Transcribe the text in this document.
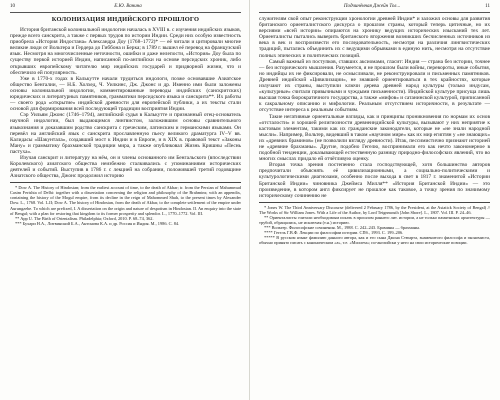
10	Е.Ю. Ванина
КОЛОНИЗАЦИЯ ИНДИЙСКОГО ПРОШЛОГО

История британской колониальной индологии началась в XVIII в. с изучения индийских языков, прежде всего санскрита, а также с первых трудов по истории Индии. Среди них особую известность приобрела «История Индостана» Александра Доу (1768–1772)* — её читали и цитировали многие великие люди от Вольтера и Гердера до Гиббона и Берка; в 1789 г. вышел её перевод на французский язык. Несмотря на многочисленные неточности, ошибки и даже нелепости, «История» Доу была по существу первой историей Индии, написанной по-английски на основе персидских хроник, либо открывших европейскому читателю мир индийских государей и придворной жизни, что и обеспечило ей популярность.

Уже в 1770-х годах в Калькутте начали трудиться индологи, позже основавшие Азиатское общество Бенгалии, — Н.Б. Холхед, Ч. Уилкинс, Дж. Джонс и др. Именно ими были заложены основы колониальной индологии, комментированные переводы индийских (санскритских) юридических и литературных памятников, грамматики персидского языка и санскрита**. Их работы — своего рода «открытие» индийской древности для европейской публики, а их тексты стали основой для формирования всей последующей традиции восприятия Индии.

Сэр Уильям Джонс (1746–1794), английский судья в Калькутте и признанный отец-основатель научной индологии, был выдающимся лингвистом, заложившим основы сравнительного языкознания и доказавшим родство санскрита с греческим, латинским и германскими языками. Он перевёл на английский язык с санскрита прославленную пьесу великого драматурга IV–V вв. Калидасы «Шакунтала», создавший мост к Индии и в Европе, и в XIX в. правовой текст «Законы Ману» и грамматику брахманской традиции мира, а также опубликовал Жизнь Кришны «Песнь пастуха».

Изучая санскрит и литературу на нём, он и члены основанного им Бенгальского (впоследствии Королевского) азиатского общества неизбежно сталкивались с упоминаниями исторических деятелей и событий. Выступив в 1786 г. с лекцией на собрании, положившей третий годовщине Азиатского общества, Джонс продолжил историю

* Dow A. The History of Hindostan; from the earliest account of time, to the death of Akbar; tr. from the Persian of Mahummud Casim Ferishta of Delhi: together with a dissertation concerning the religion and philosophy of the Brahmins; with an appendix, containing the history of the Mogul empire, from its decline in the reign of Mahommed Shah, to the present times by Alexander Dow. L., 1768. Vol. I–II; Dow A. The history of Hindostan, from the death of Akbar, to the complete settlement of the empire under Aurungzebe. To which are prefixed, I. A dissertation on the origin and nature of despotism in Hindostan. II. An enquiry into the state of Bengal; with a plan for restoring that kingdom to its former prosperity and splendor. L., 1770–1772. Vol. III.

** App U. The Birth of Orientalism. Philadelphia; Oxford, 2010. P. 68–74, 362.

*** Бухари Н.А., Литвинский Б.А., Антонова К.А. и др. Россия и Индия. М., 1986. С. 84.

Подчинённая Джейн Тол...	11

служителям свой опыт реконструкции хронологии древней Индии* и заложил основы для развития британского ориенталистского дискурса о прошлом страны, который теперь цитичные, но их версиями «всей истории» опираются на хронику ведущих исторических изысканий тех лет. Ориенталисты пытались выверить британского вторжения возникших бесчисленных источников из века в век и воспроизвести его последовательность, несмотря на различия лингвистических традиций, пытались объединить их с ведущими обрывками в единую нить, несмотря на отсутствие полных эпических и политических позиций.

Самый важный из поступков, ставших аксиомами, гласит: Индия — страна без истории, точнее — без исторического мышления. Разумеется, я не прошлом были войны, перевороты, иные события, но индийцы их не фиксировали, не осмысливали, не реконструировали и письменных памятников. Древней индийской «Цивилизации», не знавшей ориентироваться в тех крайностях, которые излучают их страны, выступили ключи дерева древней народ культуры (только индусам, «культурные» считали привычными и чуждыми письменности). Индийской культуре присуща лишь высшая точка бюрократичного государства, а также «мифов» и сатанинской культурой, приписанной к сакральному описанию и мифологии. Реальным отсутствием историчности, в результате — отсутствие интереса к реальным событиям.

Такие негативные ориентальные взгляды, как и принципы проникновения по нормам их основ «отсталости» и хорошей религиозности древнеиндийской культуры, вызывают у них неприятие к кастовым элементам, такими как их гражданские законодатели, которые не «не знали народной мысли». Например, Вольтер, видевший в таком «научном мире» как их мир египтян у «не знающих» их «древних браминов» (не позволили взгляду древности). Итак, пессимистично признают историей не «древние брахманы». Другие, подобно Гегелю, воспринимали его как нечто закономерное в подобной тенденции, доказывающей естественную разницу природно-философских явлений, что во многих смыслах придало ей отчётливую оценку.

Вторая точка зрения постепенно стала господствующей, хотя большинство авторов предпочитали объяснять её цивилизационными, а социально-политическими и культурологическими диагнозами, особенно после выхода в свет в 1817 г. знаменитой «Истории Британской Индии» чиновника Джеймса Милля** «История Британской Индии» — это произведение, в котором англ фиксирует не прошлое как таковое, а точку зрения по значимому историческому сочинению не

* Jones W. The Third Anniversary Discourse (delivered 2 February 1786, by the President, at the Asiatick Society of Bengal) // The Works of Sir William Jones. With a Life of the Author, by Lord Teignmouth [John Shore]. L., 1807. Vol. III. P. 24–46.

** Ориенталисты считали необходимым искать в прошлом раннего лит. истории, а не только памятниках архитектуры — трубой, обращались, не исключая (т.н.) историю.

*** Вольтер. Философские сочинения. М., 1988. С. 242–243. Брамины — брахманы.

**** Гегель Г.В.Ф. Лекции по философии истории. СПб., 1993. С. 199–206.

***** В русском языке фамилию данного автора, как и его сына Джона Стюарта, знаменитого философа и экономиста, обычно принято писать с каноническим «а», т.е. «Миллем»; по-английски у него на свои исторические позиции.
